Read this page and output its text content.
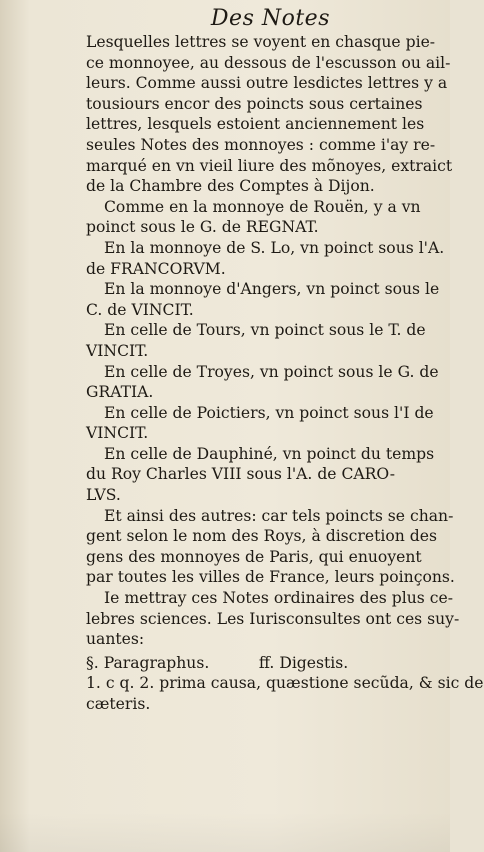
Des Notes
Lesquelles lettres se voyent en chasque pie-
ce monnoyee, au dessous de l'escusson ou ail-
leurs. Comme aussi outre lesdictes lettres y a
tousiours encor des poincts sous certaines
lettres, lesquels estoient anciennement les
seules Notes des monnoyes : comme i'ay re-
marqué en vn vieil liure des mõnoyes, extraict
de la Chambre des Comptes à Dijon.
Comme en la monnoye de Rouën, y a vn
poinct sous le G. de REGNAT.
En la monnoye de S. Lo, vn poinct sous l'A.
de FRANCORVM.
En la monnoye d'Angers, vn poinct sous le
C. de VINCIT.
En celle de Tours, vn poinct sous le T. de
VINCIT.
En celle de Troyes, vn poinct sous le G. de
GRATIA.
En celle de Poictiers, vn poinct sous l'I de
VINCIT.
En celle de Dauphiné, vn poinct du temps
du Roy Charles VIII sous l'A. de CARO-
LVS.
Et ainsi des autres: car tels poincts se chan-
gent selon le nom des Roys, à discretion des
gens des monnoyes de Paris, qui enuoyent
par toutes les villes de France, leurs poinçons.
Ie mettray ces Notes ordinaires des plus ce-
lebres sciences. Les Iurisconsultes ont ces suy-
uantes:
§. Paragraphus.          ff. Digestis.
1. c q. 2. prima causa, quæstione secũda, & sic de
cæteris.
